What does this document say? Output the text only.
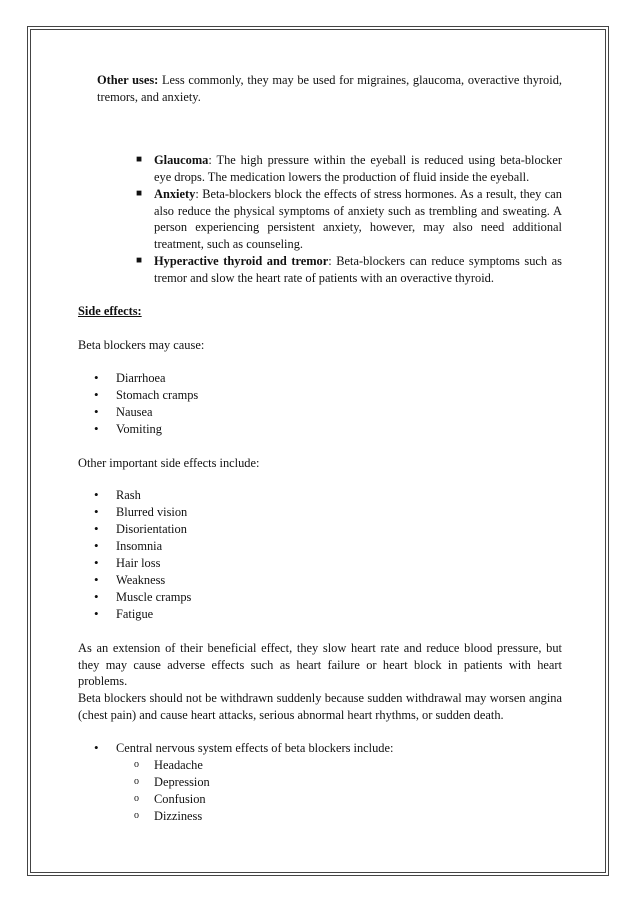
Other uses: Less commonly, they may be used for migraines, glaucoma, overactive thyroid, tremors, and anxiety.

■ Glaucoma: The high pressure within the eyeball is reduced using beta-blocker eye drops. The medication lowers the production of fluid inside the eyeball.
■ Anxiety: Beta-blockers block the effects of stress hormones. As a result, they can also reduce the physical symptoms of anxiety such as trembling and sweating. A person experiencing persistent anxiety, however, may also need additional treatment, such as counseling.
■ Hyperactive thyroid and tremor: Beta-blockers can reduce symptoms such as tremor and slow the heart rate of patients with an overactive thyroid.

Side effects:

Beta blockers may cause:

• Diarrhoea
• Stomach cramps
• Nausea
• Vomiting

Other important side effects include:

• Rash
• Blurred vision
• Disorientation
• Insomnia
• Hair loss
• Weakness
• Muscle cramps
• Fatigue

As an extension of their beneficial effect, they slow heart rate and reduce blood pressure, but they may cause adverse effects such as heart failure or heart block in patients with heart problems.

Beta blockers should not be withdrawn suddenly because sudden withdrawal may worsen angina (chest pain) and cause heart attacks, serious abnormal heart rhythms, or sudden death.

• Central nervous system effects of beta blockers include:
o Headache
o Depression
o Confusion
o Dizziness
